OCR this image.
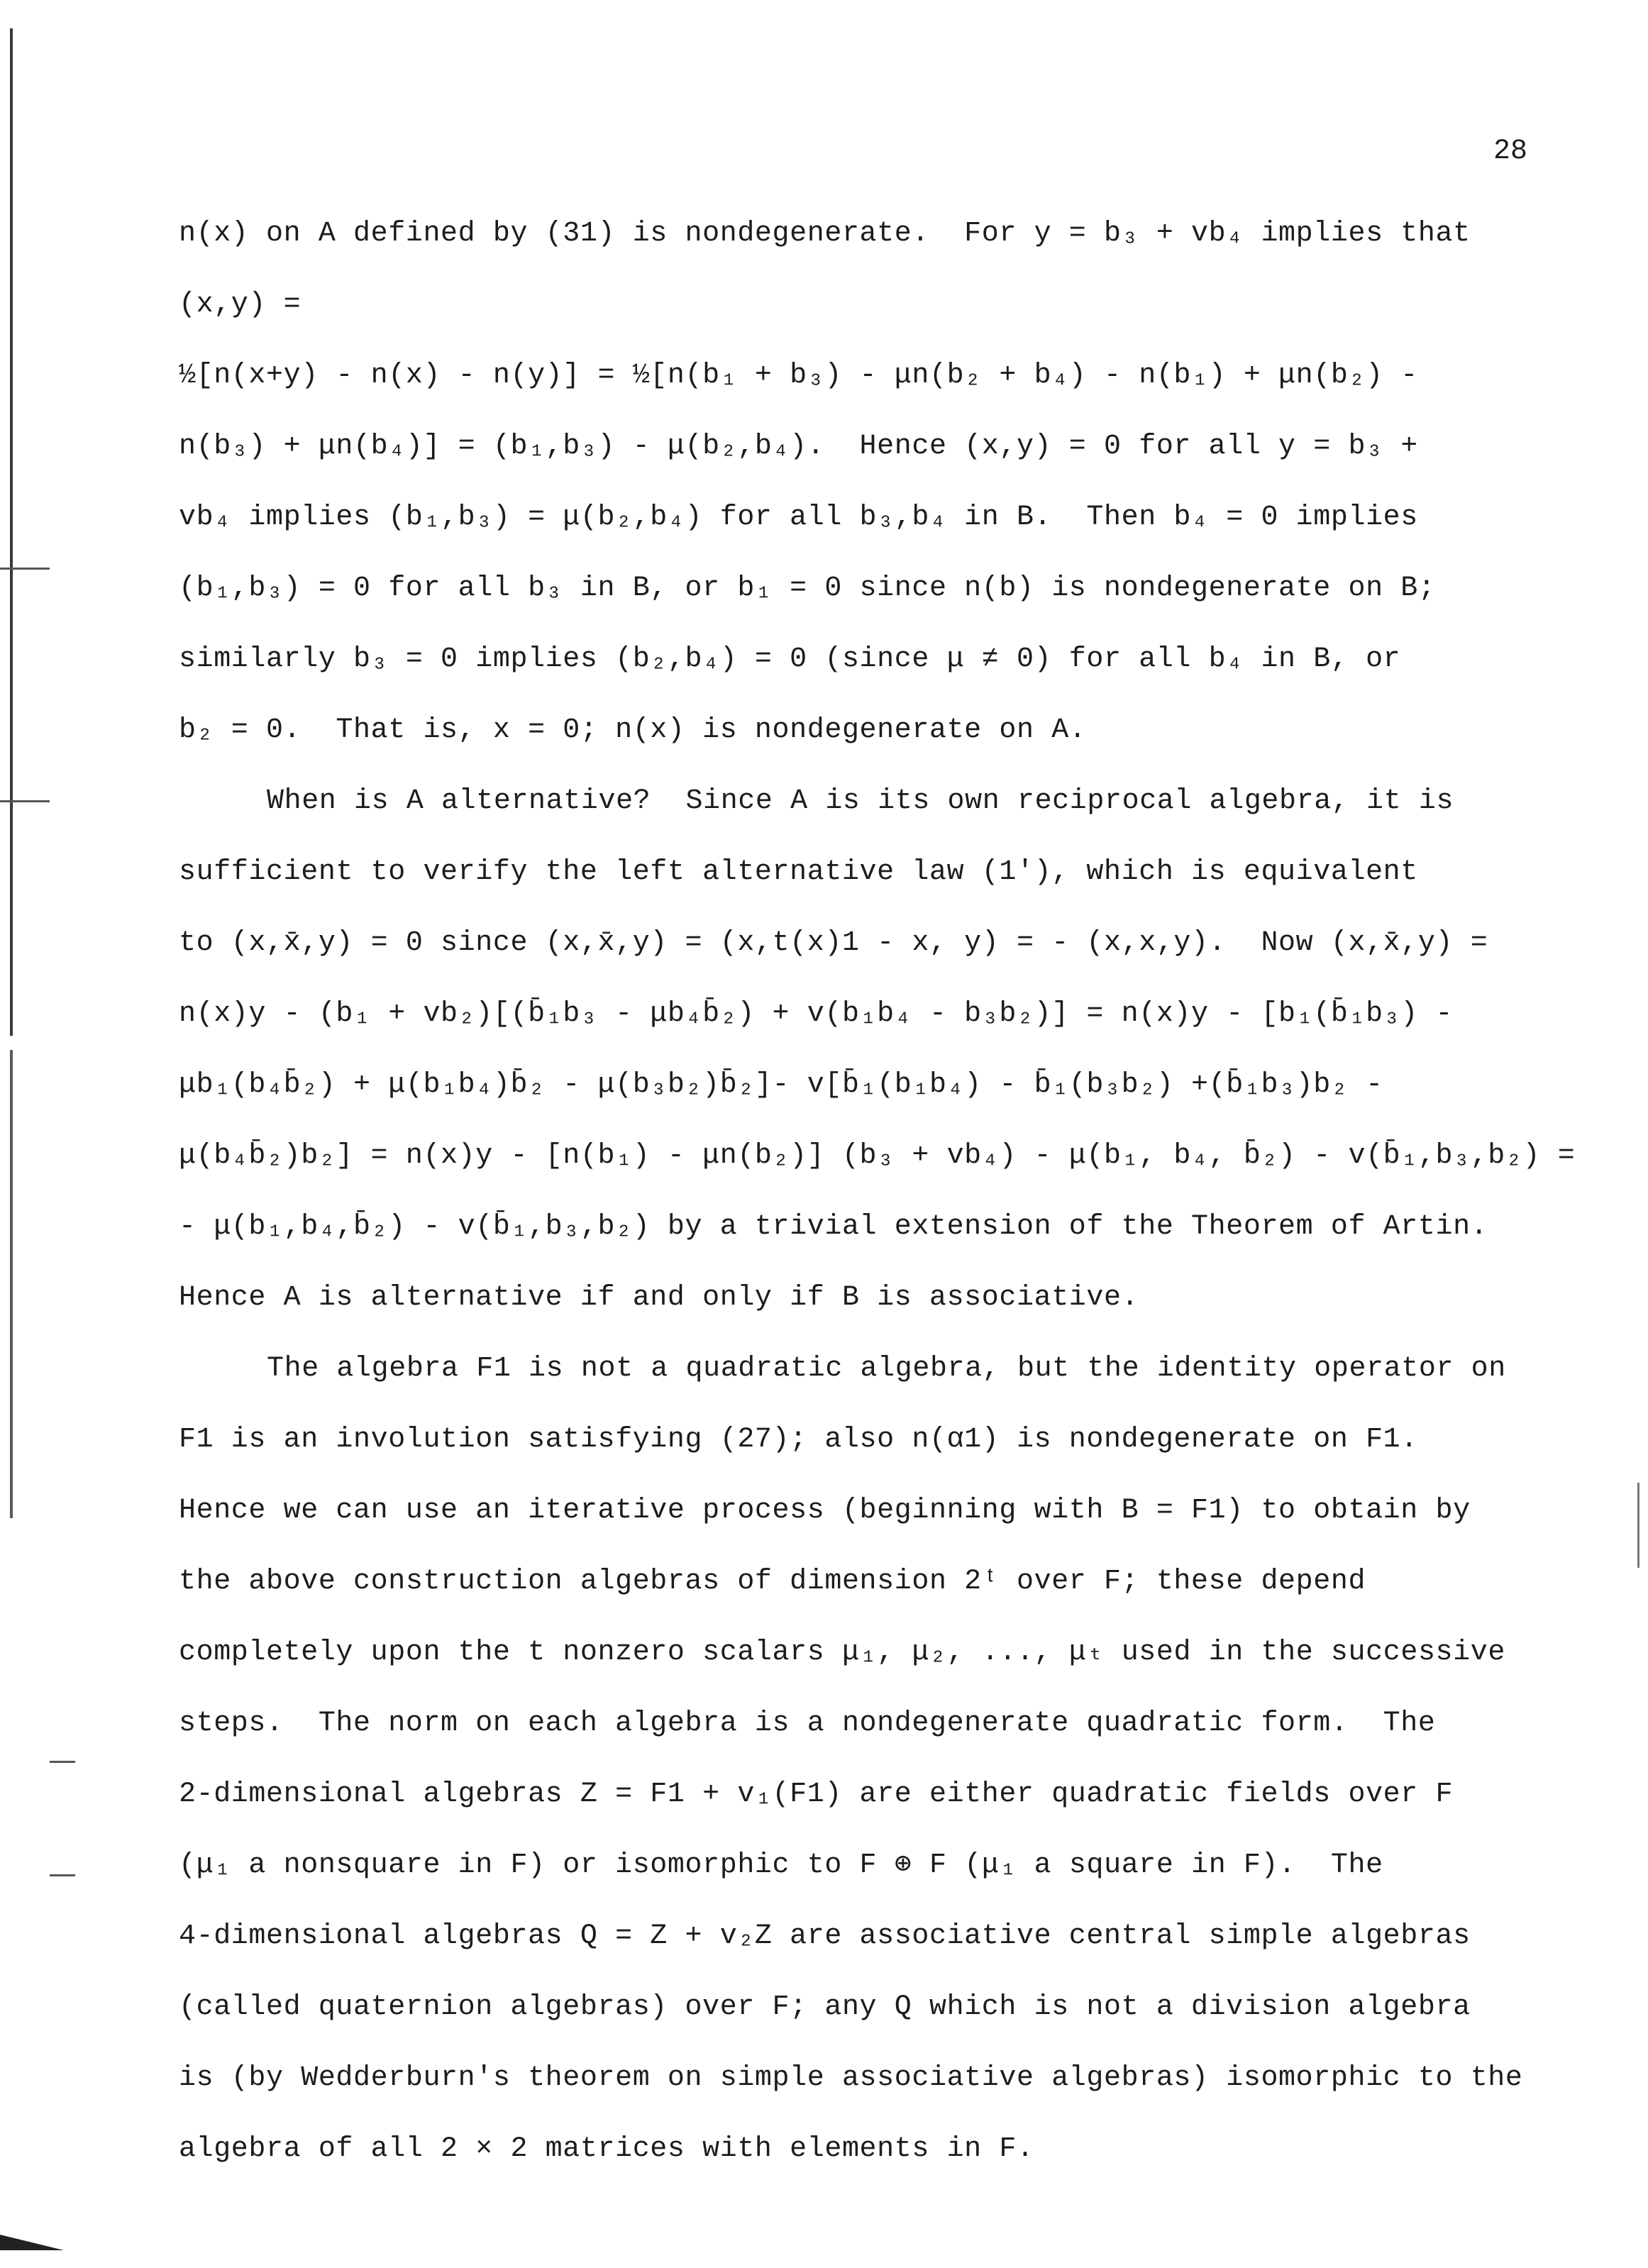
28
n(x) on A defined by (31) is nondegenerate.  For y = b₃ + vb₄ implies that
(x,y) =
½[n(x+y) - n(x) - n(y)] = ½[n(b₁ + b₃) - μn(b₂ + b₄) - n(b₁) + μn(b₂) -
n(b₃) + μn(b₄)] = (b₁,b₃) - μ(b₂,b₄).  Hence (x,y) = 0 for all y = b₃ +
vb₄ implies (b₁,b₃) = μ(b₂,b₄) for all b₃,b₄ in B.  Then b₄ = 0 implies
(b₁,b₃) = 0 for all b₃ in B, or b₁ = 0 since n(b) is nondegenerate on B;
similarly b₃ = 0 implies (b₂,b₄) = 0 (since μ ≠ 0) for all b₄ in B, or
b₂ = 0.  That is, x = 0; n(x) is nondegenerate on A.
When is A alternative?  Since A is its own reciprocal algebra, it is
sufficient to verify the left alternative law (1'), which is equivalent
to (x,x̄,y) = 0 since (x,x̄,y) = (x,t(x)1 - x, y) = - (x,x,y).  Now (x,x̄,y) =
n(x)y - (b₁ + vb₂)[(b̄₁b₃ - μb₄b̄₂) + v(b₁b₄ - b₃b₂)] = n(x)y - [b₁(b̄₁b₃) -
μb₁(b₄b̄₂) + μ(b₁b₄)b̄₂ - μ(b₃b₂)b̄₂]- v[b̄₁(b₁b₄) - b̄₁(b₃b₂) +(b̄₁b₃)b₂ -
μ(b₄b̄₂)b₂] = n(x)y - [n(b₁) - μn(b₂)] (b₃ + vb₄) - μ(b₁, b₄, b̄₂) - v(b̄₁,b₃,b₂) =
- μ(b₁,b₄,b̄₂) - v(b̄₁,b₃,b₂) by a trivial extension of the Theorem of Artin.
Hence A is alternative if and only if B is associative.
The algebra F1 is not a quadratic algebra, but the identity operator on
F1 is an involution satisfying (27); also n(α1) is nondegenerate on F1.
Hence we can use an iterative process (beginning with B = F1) to obtain by
the above construction algebras of dimension 2ᵗ over F; these depend
completely upon the t nonzero scalars μ₁, μ₂, ..., μₜ used in the successive
steps.  The norm on each algebra is a nondegenerate quadratic form.  The
2-dimensional algebras Z = F1 + v₁(F1) are either quadratic fields over F
(μ₁ a nonsquare in F) or isomorphic to F ⊕ F (μ₁ a square in F).  The
4-dimensional algebras Q = Z + v₂Z are associative central simple algebras
(called quaternion algebras) over F; any Q which is not a division algebra
is (by Wedderburn's theorem on simple associative algebras) isomorphic to the
algebra of all 2 × 2 matrices with elements in F.
